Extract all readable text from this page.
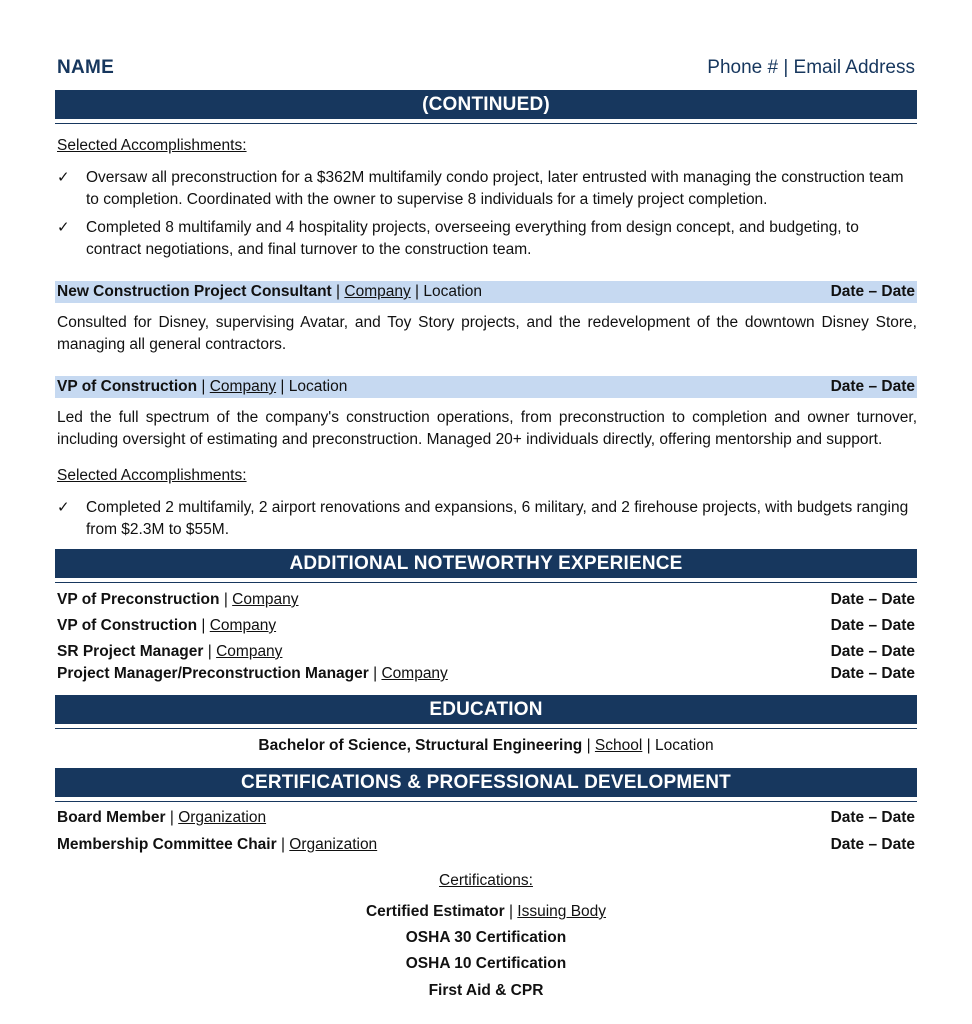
NAME	Phone # | Email Address
(CONTINUED)
Selected Accomplishments:
✓ Oversaw all preconstruction for a $362M multifamily condo project, later entrusted with managing the construction team to completion. Coordinated with the owner to supervise 8 individuals for a timely project completion.
✓ Completed 8 multifamily and 4 hospitality projects, overseeing everything from design concept, and budgeting, to contract negotiations, and final turnover to the construction team.
New Construction Project Consultant | Company | Location	Date – Date
Consulted for Disney, supervising Avatar, and Toy Story projects, and the redevelopment of the downtown Disney Store, managing all general contractors.
VP of Construction | Company | Location	Date – Date
Led the full spectrum of the company's construction operations, from preconstruction to completion and owner turnover, including oversight of estimating and preconstruction. Managed 20+ individuals directly, offering mentorship and support.
Selected Accomplishments:
✓ Completed 2 multifamily, 2 airport renovations and expansions, 6 military, and 2 firehouse projects, with budgets ranging from $2.3M to $55M.
ADDITIONAL NOTEWORTHY EXPERIENCE
VP of Preconstruction | Company	Date – Date
VP of Construction | Company	Date – Date
SR Project Manager | Company	Date – Date
Project Manager/Preconstruction Manager | Company	Date – Date
EDUCATION
Bachelor of Science, Structural Engineering | School | Location
CERTIFICATIONS & PROFESSIONAL DEVELOPMENT
Board Member | Organization	Date – Date
Membership Committee Chair | Organization	Date – Date
Certifications:
Certified Estimator | Issuing Body
OSHA 30 Certification
OSHA 10 Certification
First Aid & CPR
